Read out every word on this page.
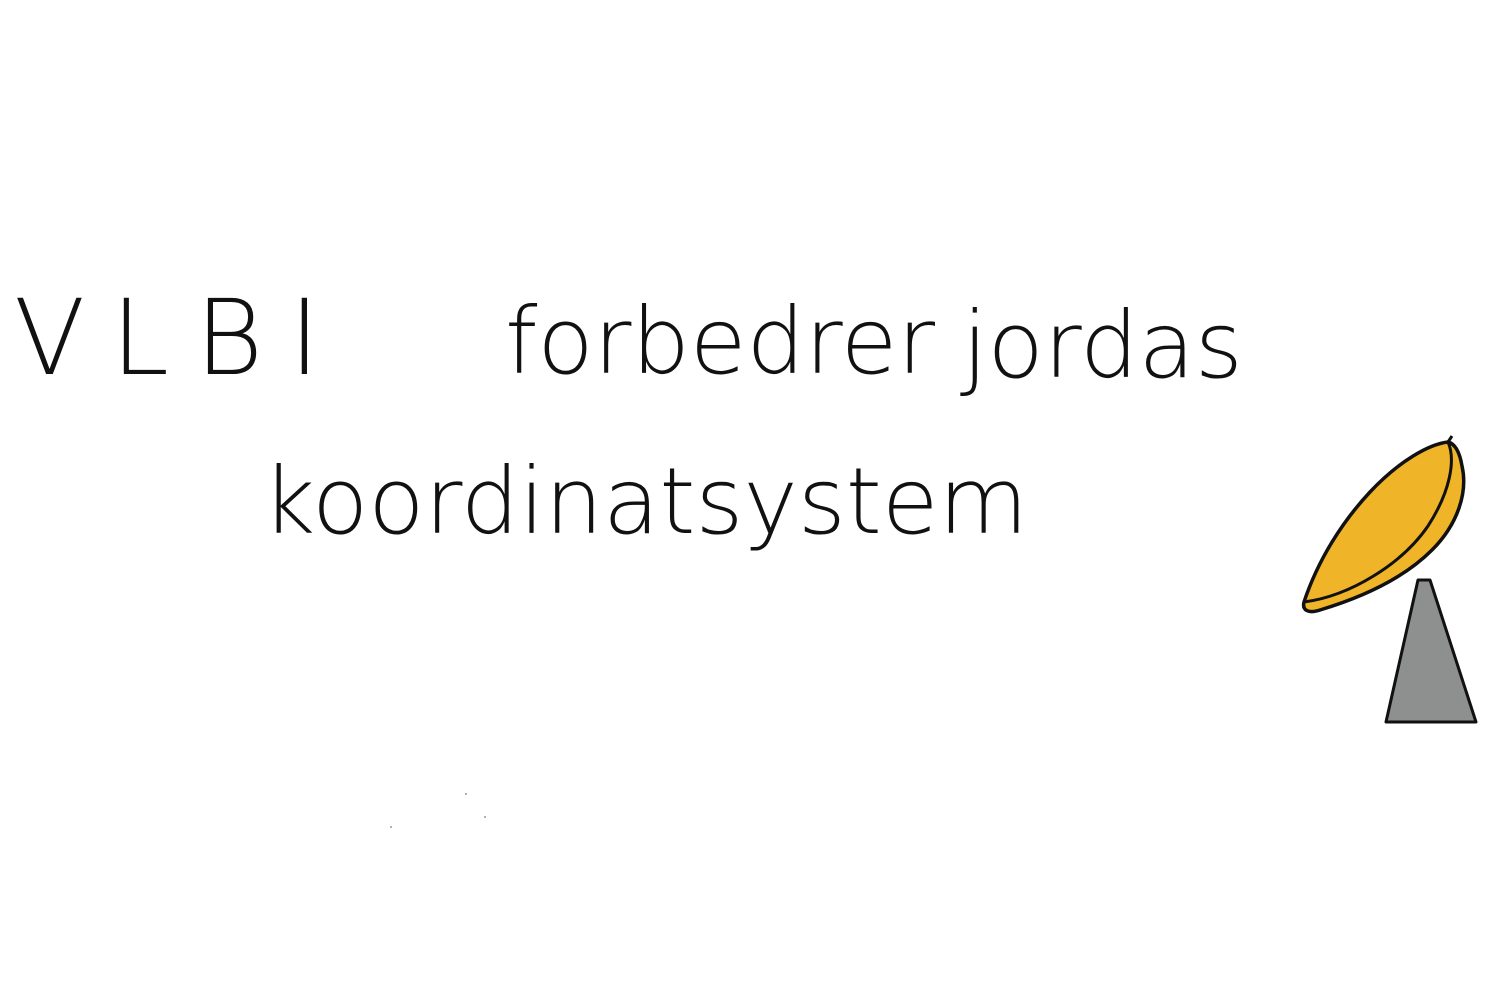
VLBI forbedrer jordas
koordinatsystem
